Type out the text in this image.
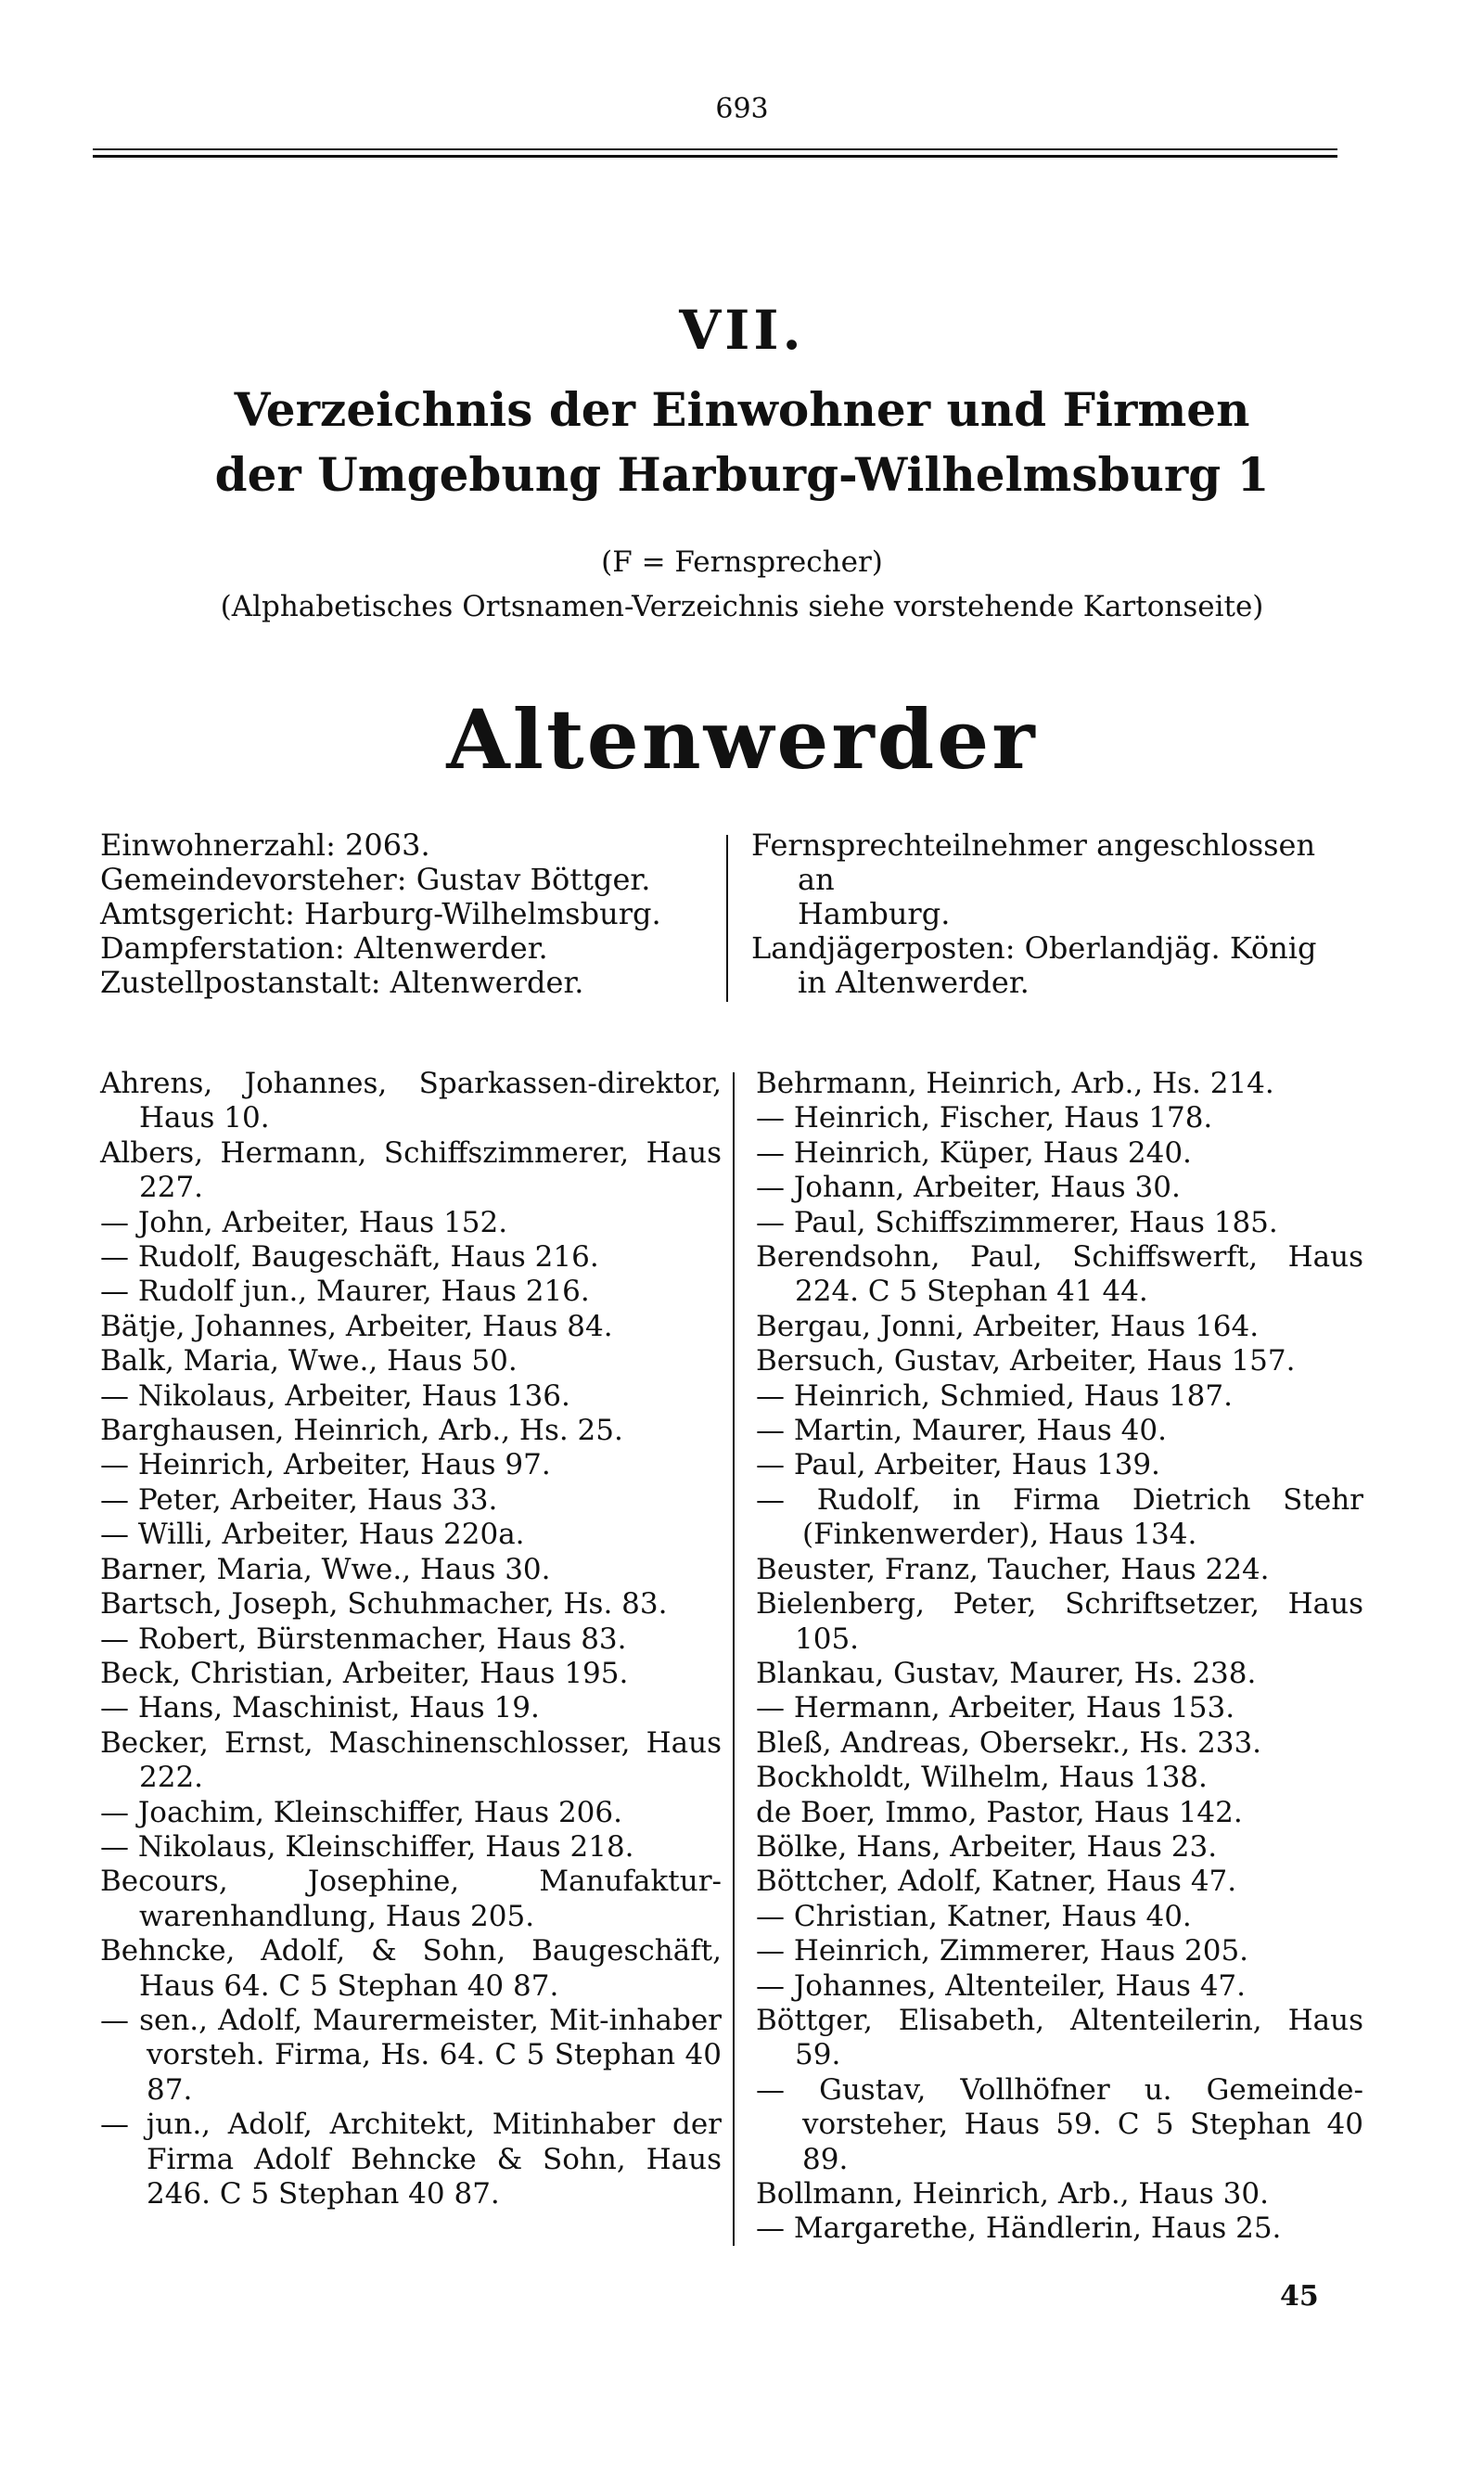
693
VII.
Verzeichnis der Einwohner und Firmen
der Umgebung Harburg-Wilhelmsburg 1
(F = Fernsprecher)
(Alphabetisches Ortsnamen-Verzeichnis siehe vorstehende Kartonseite)
Altenwerder
Einwohnerzahl: 2063.
Gemeindevorsteher: Gustav Böttger.
Amtsgericht: Harburg-Wilhelmsburg.
Dampferstation: Altenwerder.
Zustellpostanstalt: Altenwerder.
Fernsprechteilnehmer angeschlossen an
Hamburg.
Landjägerposten: Oberlandjäg. König
in Altenwerder.
Ahrens, Johannes, Sparkassen-direktor, Haus 10.
Albers, Hermann, Schiffszimmerer, Haus 227.
— John, Arbeiter, Haus 152.
— Rudolf, Baugeschäft, Haus 216.
— Rudolf jun., Maurer, Haus 216.
Bätje, Johannes, Arbeiter, Haus 84.
Balk, Maria, Wwe., Haus 50.
— Nikolaus, Arbeiter, Haus 136.
Barghausen, Heinrich, Arb., Hs. 25.
— Heinrich, Arbeiter, Haus 97.
— Peter, Arbeiter, Haus 33.
— Willi, Arbeiter, Haus 220a.
Barner, Maria, Wwe., Haus 30.
Bartsch, Joseph, Schuhmacher, Hs. 83.
— Robert, Bürstenmacher, Haus 83.
Beck, Christian, Arbeiter, Haus 195.
— Hans, Maschinist, Haus 19.
Becker, Ernst, Maschinenschlosser, Haus 222.
— Joachim, Kleinschiffer, Haus 206.
— Nikolaus, Kleinschiffer, Haus 218.
Becours, Josephine, Manufaktur-warenhandlung, Haus 205.
Behncke, Adolf, & Sohn, Baugeschäft, Haus 64. C 5 Stephan 40 87.
— sen., Adolf, Maurermeister, Mit-inhaber vorsteh. Firma, Hs. 64. C 5 Stephan 40 87.
— jun., Adolf, Architekt, Mitinhaber der Firma Adolf Behncke & Sohn, Haus 246. C 5 Stephan 40 87.
Behrmann, Heinrich, Arb., Hs. 214.
— Heinrich, Fischer, Haus 178.
— Heinrich, Küper, Haus 240.
— Johann, Arbeiter, Haus 30.
— Paul, Schiffszimmerer, Haus 185.
Berendsohn, Paul, Schiffswerft, Haus 224. C 5 Stephan 41 44.
Bergau, Jonni, Arbeiter, Haus 164.
Bersuch, Gustav, Arbeiter, Haus 157.
— Heinrich, Schmied, Haus 187.
— Martin, Maurer, Haus 40.
— Paul, Arbeiter, Haus 139.
— Rudolf, in Firma Dietrich Stehr (Finkenwerder), Haus 134.
Beuster, Franz, Taucher, Haus 224.
Bielenberg, Peter, Schriftsetzer, Haus 105.
Blankau, Gustav, Maurer, Hs. 238.
— Hermann, Arbeiter, Haus 153.
Bleß, Andreas, Obersekr., Hs. 233.
Bockholdt, Wilhelm, Haus 138.
de Boer, Immo, Pastor, Haus 142.
Bölke, Hans, Arbeiter, Haus 23.
Böttcher, Adolf, Katner, Haus 47.
— Christian, Katner, Haus 40.
— Heinrich, Zimmerer, Haus 205.
— Johannes, Altenteiler, Haus 47.
Böttger, Elisabeth, Altenteilerin, Haus 59.
— Gustav, Vollhöfner u. Gemeinde-vorsteher, Haus 59. C 5 Stephan 40 89.
Bollmann, Heinrich, Arb., Haus 30.
— Margarethe, Händlerin, Haus 25.
45
